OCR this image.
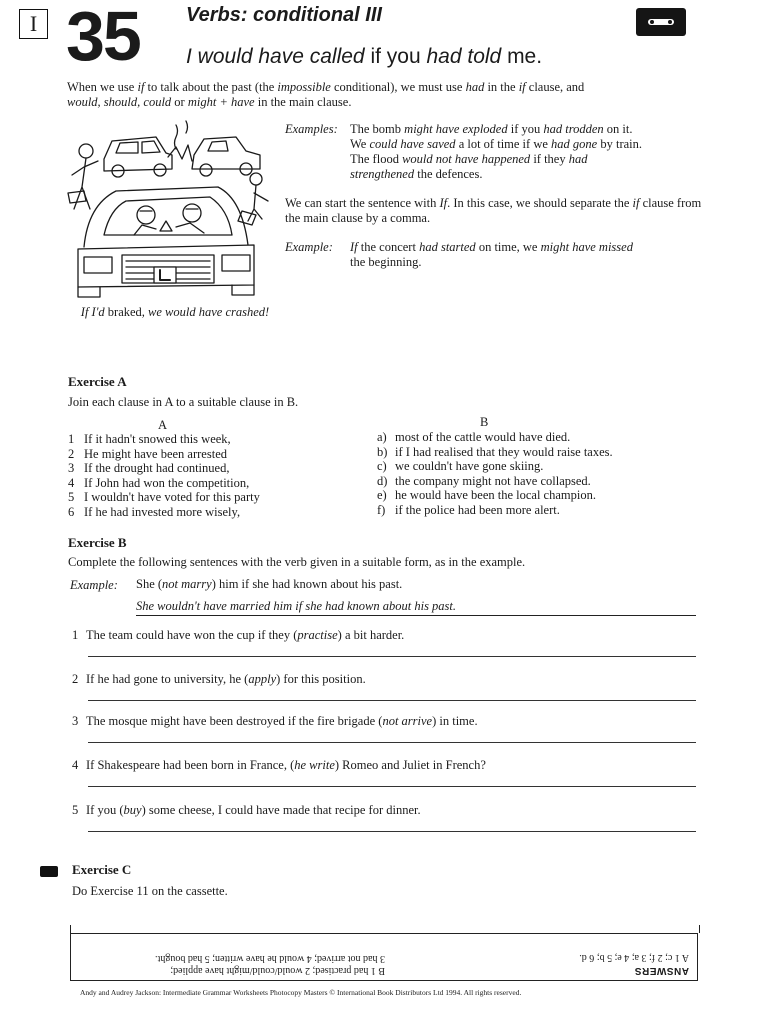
I 35 Verbs: conditional III
I would have called if you had told me.
When we use if to talk about the past (the impossible conditional), we must use had in the if clause, and
would, should, could or might + have in the main clause.
If I'd braked, we would have crashed!
Examples: The bomb might have exploded if you had trodden on it.
We could have saved a lot of time if we had gone by train.
The flood would not have happened if they had
strengthened the defences.
We can start the sentence with If. In this case, we should separate the if clause from the main clause by a comma.
Example:	If the concert had started on time, we might have missed
the beginning.
Exercise A
Join each clause in A to a suitable clause in B.
A	B
1 If it hadn't snowed this week,
2 He might have been arrested
3 If the drought had continued,
4 If John had won the competition,
5 I wouldn't have voted for this party
6 If he had invested more wisely,
a) most of the cattle would have died.
b) if I had realised that they would raise taxes.
c) we couldn't have gone skiing.
d) the company might not have collapsed.
e) he would have been the local champion.
f) if the police had been more alert.
Exercise B
Complete the following sentences with the verb given in a suitable form, as in the example.
Example: She (not marry) him if she had known about his past.
She wouldn't have married him if she had known about his past.
1 The team could have won the cup if they (practise) a bit harder.
2 If he had gone to university, he (apply) for this position.
3 The mosque might have been destroyed if the fire brigade (not arrive) in time.
4 If Shakespeare had been born in France, (he write) Romeo and Juliet in French?
5 If you (buy) some cheese, I could have made that recipe for dinner.
Exercise C
Do Exercise 11 on the cassette.
ANSWERS
A 1 c; 2 f; 3 a; 4 e; 5 b; 6 d.
B 1 had practised; 2 would/could/might have applied;
3 had not arrived; 4 would he have written; 5 had bought.
Andy and Audrey Jackson: Intermediate Grammar Worksheets Photocopy Masters © International Book Distributors Ltd 1994. All rights reserved.
